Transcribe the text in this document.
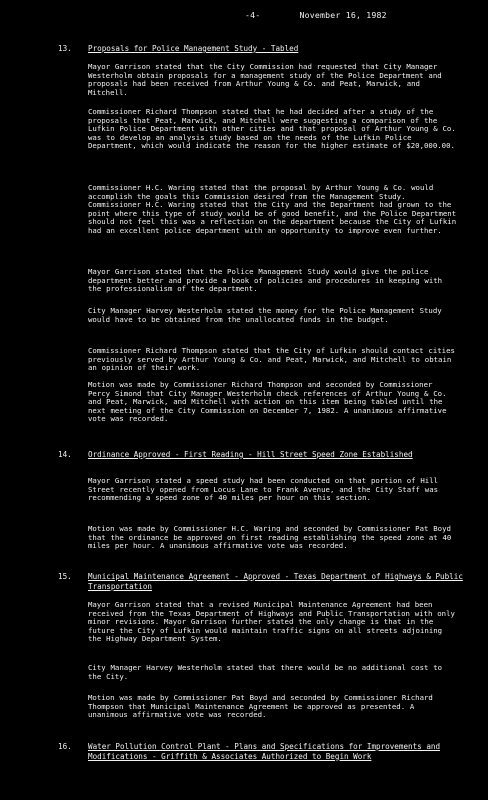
-4-	November 16, 1982
13. Proposals for Police Management Study - Tabled
Mayor Garrison stated that the City Commission had requested that City Manager Westerholm obtain proposals for a management study of the Police Department and proposals had been received from Arthur Young & Co. and Peat, Marwick, and Mitchell.
Commissioner Richard Thompson stated that he had decided after a study of the proposals that Peat, Marwick, and Mitchell were suggesting a comparison of the Lufkin Police Department with other cities and that proposal of Arthur Young & Co. was to develop an analysis study based on the needs of the Lufkin Police Department, which would indicate the reason for the higher estimate of $20,000.00.
Commissioner H.C. Waring stated that the proposal by Arthur Young & Co. would accomplish the goals this Commission desired from the Management Study. Commissioner H.C. Waring stated that the City and the Department had grown to the point where this type of study would be of good benefit, and the Police Department should not feel this was a reflection on the department because the City of Lufkin had an excellent police department with an opportunity to improve even further.
Mayor Garrison stated that the Police Management Study would give the police department better and provide a book of policies and procedures in keeping with the professionalism of the department.
City Manager Harvey Westerholm stated the money for the Police Management Study would have to be obtained from the unallocated funds in the budget.
Commissioner Richard Thompson stated that the City of Lufkin should contact cities previously served by Arthur Young & Co. and Peat, Marwick, and Mitchell to obtain an opinion of their work.
Motion was made by Commissioner Richard Thompson and seconded by Commissioner Percy Simond that City Manager Westerholm check references of Arthur Young & Co. and Peat, Marwick, and Mitchell with action on this item being tabled until the next meeting of the City Commission on December 7, 1982. A unanimous affirmative vote was recorded.
14. Ordinance Approved - First Reading - Hill Street Speed Zone Established
Mayor Garrison stated a speed study had been conducted on that portion of Hill Street recently opened from Locus Lane to Frank Avenue, and the City Staff was recommending a speed zone of 40 miles per hour on this section.
Motion was made by Commissioner H.C. Waring and seconded by Commissioner Pat Boyd that the ordinance be approved on first reading establishing the speed zone at 40 miles per hour. A unanimous affirmative vote was recorded.
15. Municipal Maintenance Agreement - Approved - Texas Department of Highways & Public Transportation
Mayor Garrison stated that a revised Municipal Maintenance Agreement had been received from the Texas Department of Highways and Public Transportation with only minor revisions. Mayor Garrison further stated the only change is that in the future the City of Lufkin would maintain traffic signs on all streets adjoining the Highway Department System.
City Manager Harvey Westerholm stated that there would be no additional cost to the City.
Motion was made by Commissioner Pat Boyd and seconded by Commissioner Richard Thompson that Municipal Maintenance Agreement be approved as presented. A unanimous affirmative vote was recorded.
16. Water Pollution Control Plant - Plans and Specifications for Improvements and Modifications - Griffith & Associates Authorized to Begin Work
